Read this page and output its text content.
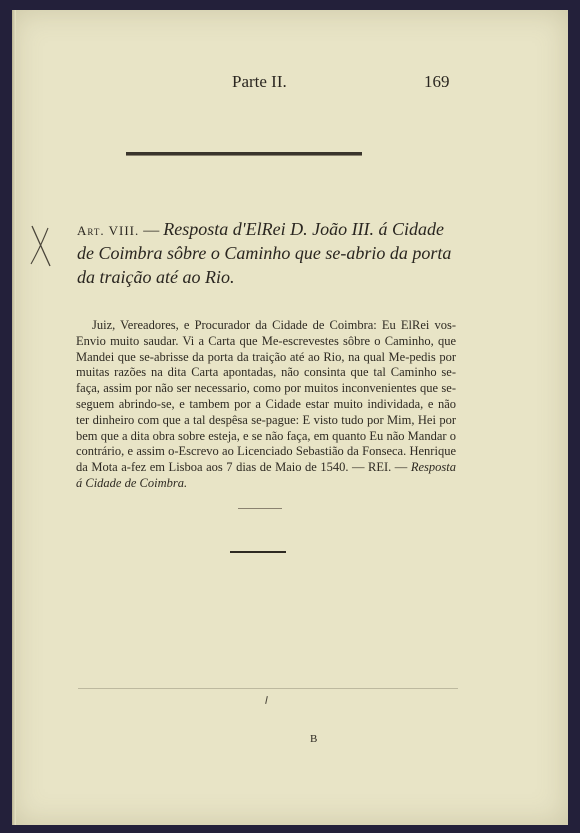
Parte II.	169
Art. VIII. — Resposta d'ElRei D. João III. á Cidade de Coimbra sôbre o Caminho que se-abrio da porta da traição até ao Rio.
Juiz, Vereadores, e Procurador da Cidade de Coimbra: Eu ElRei vos-Envio muito saudar. Vi a Carta que Me-escrevestes sôbre o Caminho, que Mandei que se-abrisse da porta da traição até ao Rio, na qual Me-pedis por muitas razões na dita Carta apontadas, não consinta que tal Caminho se-faça, assim por não ser necessario, como por muitos inconvenientes que se-seguem abrindo-se, e tambem por a Cidade estar muito individada, e não ter dinheiro com que a tal despêsa se-pague: E visto tudo por Mim, Hei por bem que a dita obra sobre esteja, e se não faça, em quanto Eu não Mandar o contrário, e assim o-Escrevo ao Licenciado Sebastião da Fonseca. Henrique da Mota a-fez em Lisboa aos 7 dias de Maio de 1540. — REI. — Resposta á Cidade de Coimbra.
B
